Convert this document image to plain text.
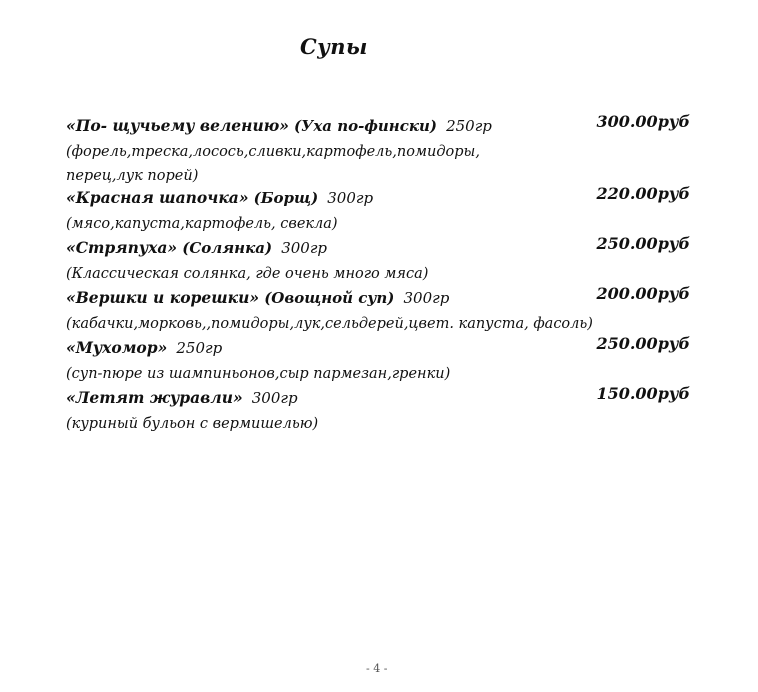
Супы
«По- щучьему велению» (Уха по-фински) 250гр	300.00руб
(форель,треска,лосось,сливки,картофель,помидоры, перец,лук порей)
«Красная шапочка» (Борщ) 300гр	220.00руб
(мясо,капуста,картофель, свекла)
«Стряпуха» (Солянка) 300гр	250.00руб
(Классическая солянка, где очень много мяса)
«Вершки и корешки» (Овощной суп) 300гр	200.00руб
(кабачки,морковь,,помидоры,лук,сельдерей,цвет. капуста, фасоль)
«Мухомор» 250гр	250.00руб
(суп-пюре из шампиньонов,сыр пармезан,гренки)
«Летят журавли» 300гр	150.00руб
(куриный бульон с вермишелью)
- 4 -
